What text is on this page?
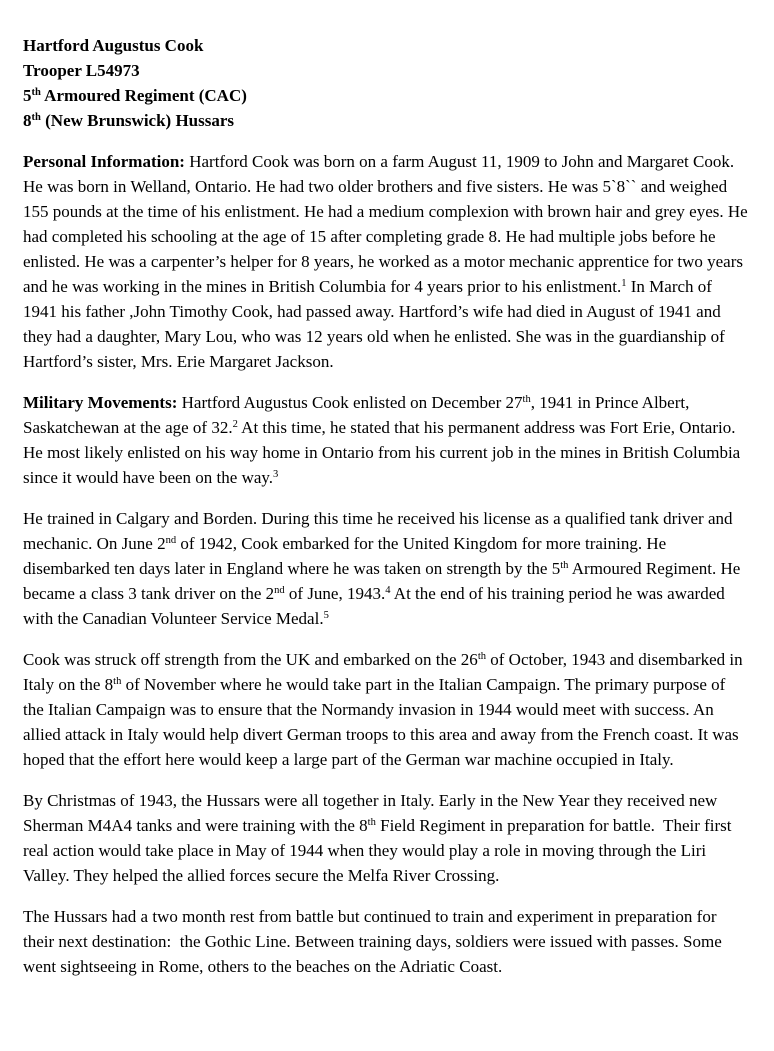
Hartford Augustus Cook

Trooper L54973

5th Armoured Regiment (CAC)

8th (New Brunswick) Hussars

Personal Information: Hartford Cook was born on a farm August 11, 1909 to John and Margaret Cook. He was born in Welland, Ontario. He had two older brothers and five sisters. He was 5`8`` and weighed 155 pounds at the time of his enlistment. He had a medium complexion with brown hair and grey eyes. He had completed his schooling at the age of 15 after completing grade 8. He had multiple jobs before he enlisted. He was a carpenter’s helper for 8 years, he worked as a motor mechanic apprentice for two years and he was working in the mines in British Columbia for 4 years prior to his enlistment.$^1$ In March of 1941 his father ,John Timothy Cook, had passed away. Hartford’s wife had died in August of 1941 and they had a daughter, Mary Lou, who was 12 years old when he enlisted. She was in the guardianship of Hartford’s sister, Mrs. Erie Margaret Jackson.

Military Movements: Hartford Augustus Cook enlisted on December 27th, 1941 in Prince Albert, Saskatchewan at the age of 32.$^2$ At this time, he stated that his permanent address was Fort Erie, Ontario. He most likely enlisted on his way home in Ontario from his current job in the mines in British Columbia since it would have been on the way.$^3$

He trained in Calgary and Borden. During this time he received his license as a qualified tank driver and mechanic. On June 2nd of 1942, Cook embarked for the United Kingdom for more training. He disembarked ten days later in England where he was taken on strength by the 5th Armoured Regiment. He became a class 3 tank driver on the 2nd of June, 1943.$^4$ At the end of his training period he was awarded with the Canadian Volunteer Service Medal.$^5$

Cook was struck off strength from the UK and embarked on the 26th of October, 1943 and disembarked in Italy on the 8th of November where he would take part in the Italian Campaign. The primary purpose of the Italian Campaign was to ensure that the Normandy invasion in 1944 would meet with success. An allied attack in Italy would help divert German troops to this area and away from the French coast. It was hoped that the effort here would keep a large part of the German war machine occupied in Italy.

By Christmas of 1943, the Hussars were all together in Italy. Early in the New Year they received new Sherman M4A4 tanks and were training with the 8th Field Regiment in preparation for battle.  Their first real action would take place in May of 1944 when they would play a role in moving through the Liri Valley. They helped the allied forces secure the Melfa River Crossing.

The Hussars had a two month rest from battle but continued to train and experiment in preparation for their next destination:  the Gothic Line. Between training days, soldiers were issued with passes. Some went sightseeing in Rome, others to the beaches on the Adriatic Coast.
